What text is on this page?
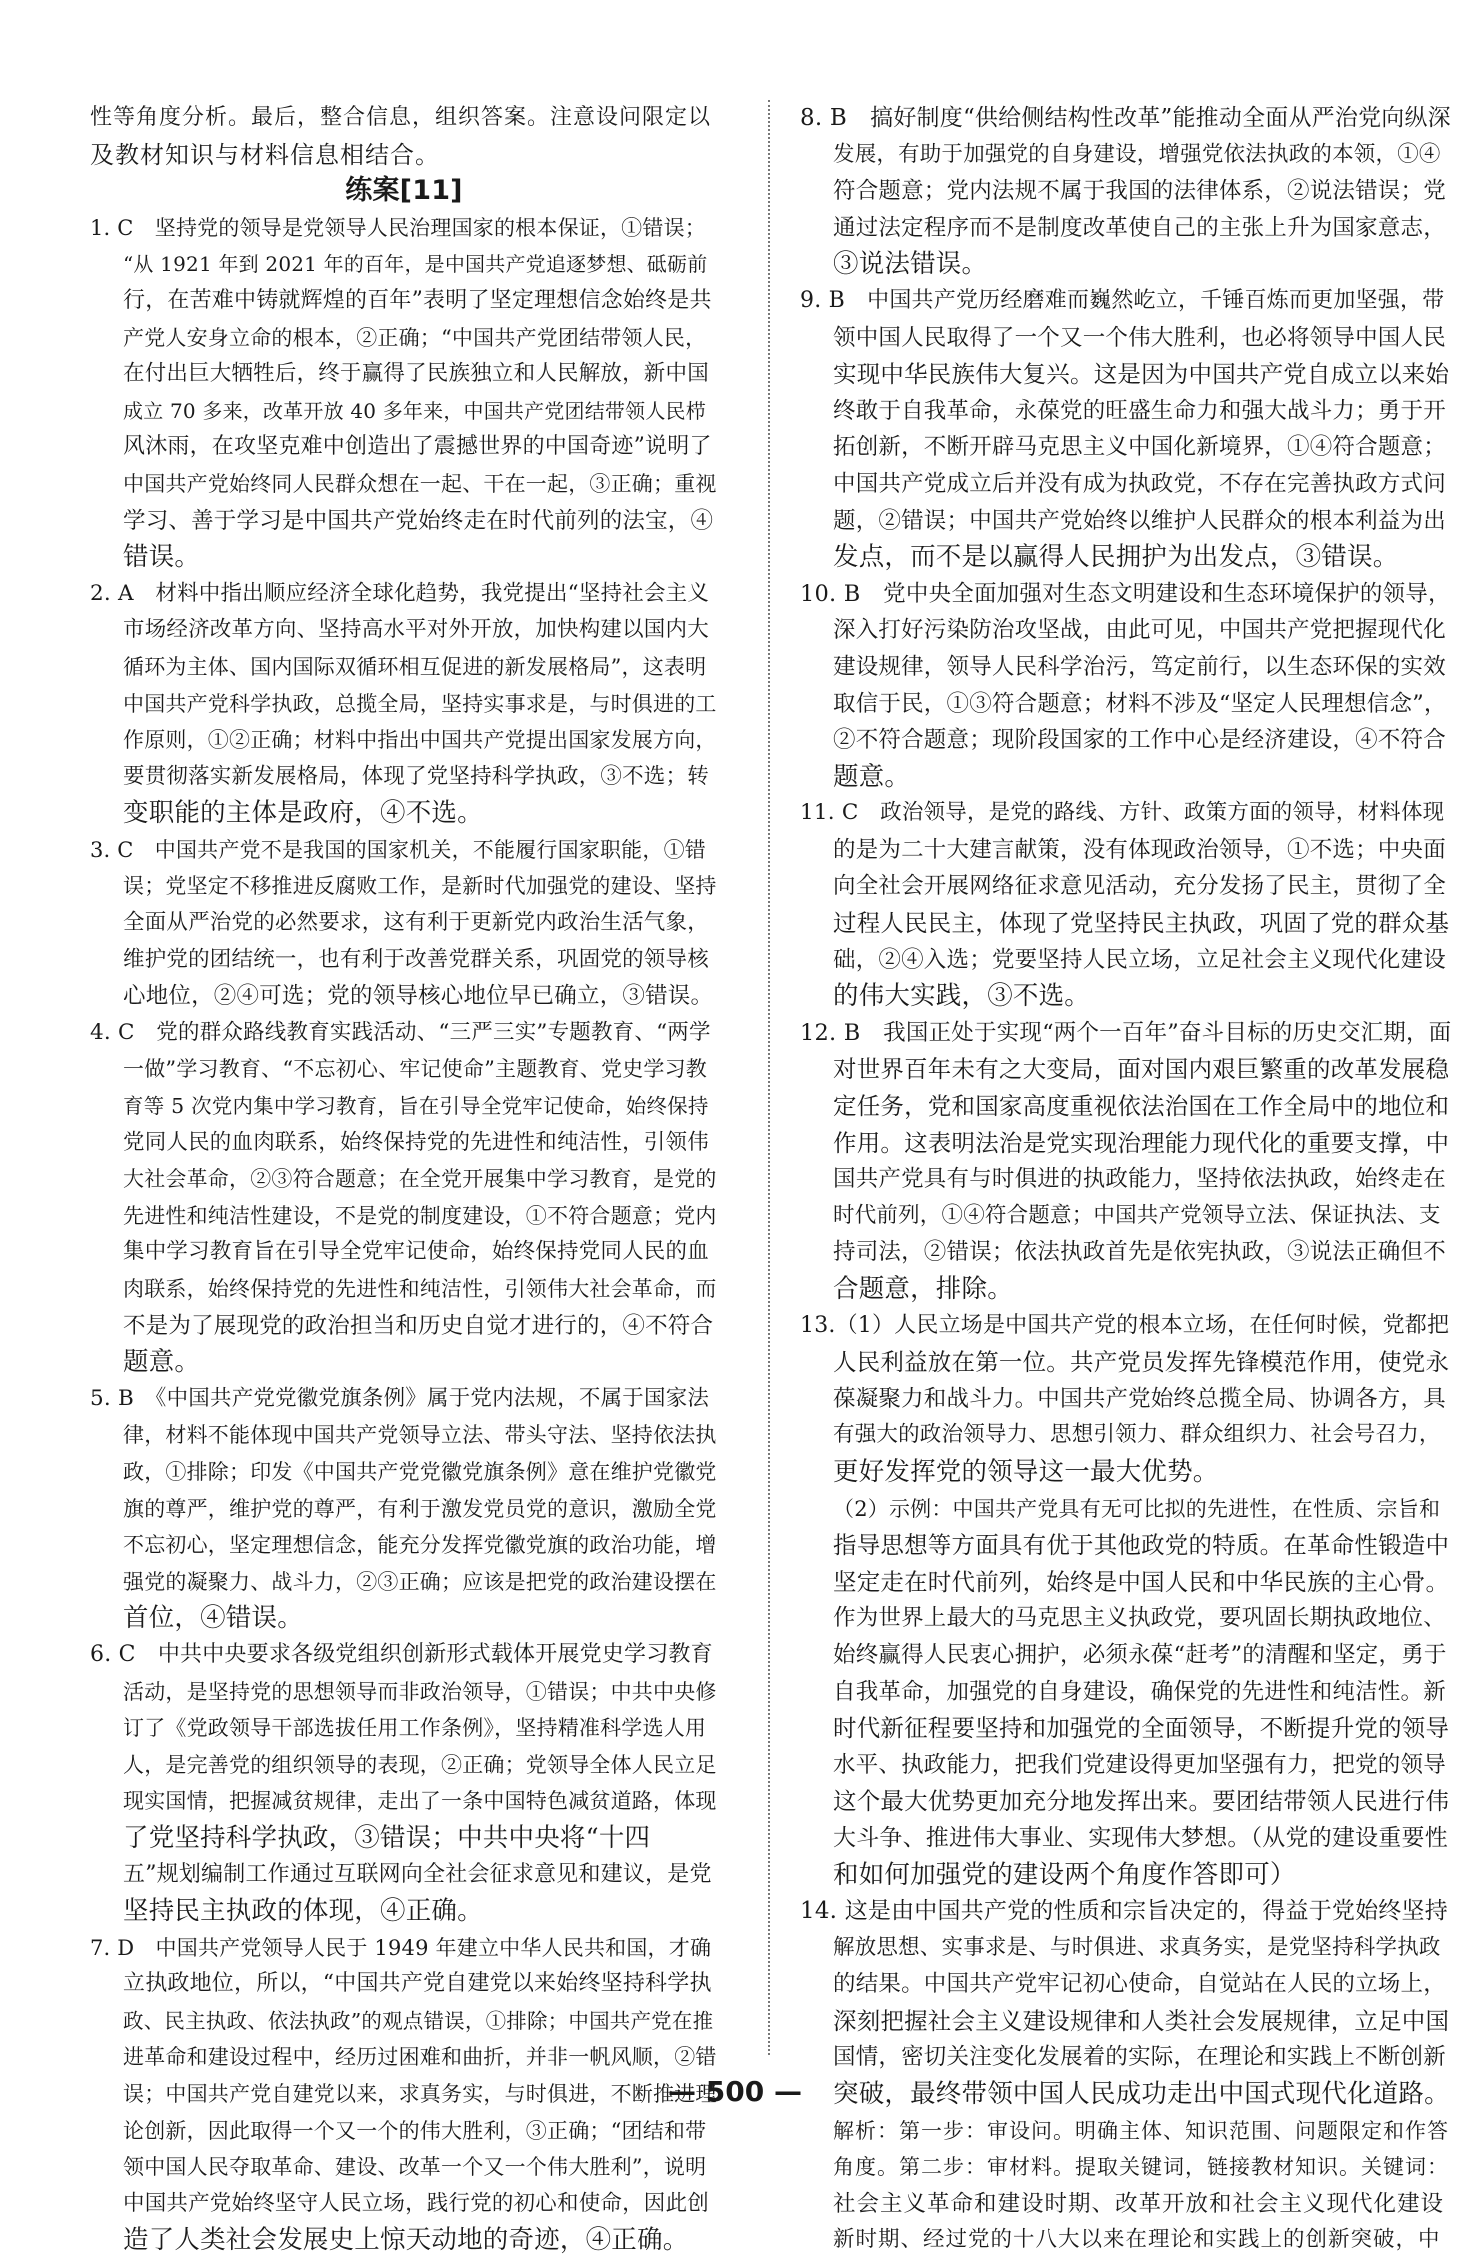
性等角度分析。最后，整合信息，组织答案。注意设问限定以
及教材知识与材料信息相结合。
练案[11]
1. C　坚持党的领导是党领导人民治理国家的根本保证，①错误；
“从 1921 年到 2021 年的百年，是中国共产党追逐梦想、砥砺前
行，在苦难中铸就辉煌的百年”表明了坚定理想信念始终是共
产党人安身立命的根本，②正确；“中国共产党团结带领人民，
在付出巨大牺牲后，终于赢得了民族独立和人民解放，新中国
成立 70 多来，改革开放 40 多年来，中国共产党团结带领人民栉
风沐雨，在攻坚克难中创造出了震撼世界的中国奇迹”说明了
中国共产党始终同人民群众想在一起、干在一起，③正确；重视
学习、善于学习是中国共产党始终走在时代前列的法宝，④
错误。
2. A　材料中指出顺应经济全球化趋势，我党提出“坚持社会主义
市场经济改革方向、坚持高水平对外开放，加快构建以国内大
循环为主体、国内国际双循环相互促进的新发展格局”，这表明
中国共产党科学执政，总揽全局，坚持实事求是，与时俱进的工
作原则，①②正确；材料中指出中国共产党提出国家发展方向，
要贯彻落实新发展格局，体现了党坚持科学执政，③不选；转
变职能的主体是政府，④不选。
3. C　中国共产党不是我国的国家机关，不能履行国家职能，①错
误；党坚定不移推进反腐败工作，是新时代加强党的建设、坚持
全面从严治党的必然要求，这有利于更新党内政治生活气象，
维护党的团结统一，也有利于改善党群关系，巩固党的领导核
心地位，②④可选；党的领导核心地位早已确立，③错误。
4. C　党的群众路线教育实践活动、“三严三实”专题教育、“两学
一做”学习教育、“不忘初心、牢记使命”主题教育、党史学习教
育等 5 次党内集中学习教育，旨在引导全党牢记使命，始终保持
党同人民的血肉联系，始终保持党的先进性和纯洁性，引领伟
大社会革命，②③符合题意；在全党开展集中学习教育，是党的
先进性和纯洁性建设，不是党的制度建设，①不符合题意；党内
集中学习教育旨在引导全党牢记使命，始终保持党同人民的血
肉联系，始终保持党的先进性和纯洁性，引领伟大社会革命，而
不是为了展现党的政治担当和历史自觉才进行的，④不符合
题意。
5. B　《中国共产党党徽党旗条例》属于党内法规，不属于国家法
律，材料不能体现中国共产党领导立法、带头守法、坚持依法执
政，①排除；印发《中国共产党党徽党旗条例》意在维护党徽党
旗的尊严，维护党的尊严，有利于激发党员党的意识，激励全党
不忘初心，坚定理想信念，能充分发挥党徽党旗的政治功能，增
强党的凝聚力、战斗力，②③正确；应该是把党的政治建设摆在
首位，④错误。
6. C　中共中央要求各级党组织创新形式载体开展党史学习教育
活动，是坚持党的思想领导而非政治领导，①错误；中共中央修
订了《党政领导干部选拔任用工作条例》，坚持精准科学选人用
人，是完善党的组织领导的表现，②正确；党领导全体人民立足
现实国情，把握减贫规律，走出了一条中国特色减贫道路，体现
了党坚持科学执政，③错误；中共中央将“十四
五”规划编制工作通过互联网向全社会征求意见和建议，是党
坚持民主执政的体现，④正确。
7. D　中国共产党领导人民于 1949 年建立中华人民共和国，才确
立执政地位，所以，“中国共产党自建党以来始终坚持科学执
政、民主执政、依法执政”的观点错误，①排除；中国共产党在推
进革命和建设过程中，经历过困难和曲折，并非一帆风顺，②错
误；中国共产党自建党以来，求真务实，与时俱进，不断推进理
论创新，因此取得一个又一个的伟大胜利，③正确；“团结和带
领中国人民夺取革命、建设、改革一个又一个伟大胜利”，说明
中国共产党始终坚守人民立场，践行党的初心和使命，因此创
造了人类社会发展史上惊天动地的奇迹，④正确。
8. B　搞好制度“供给侧结构性改革”能推动全面从严治党向纵深
发展，有助于加强党的自身建设，增强党依法执政的本领，①④
符合题意；党内法规不属于我国的法律体系，②说法错误；党
通过法定程序而不是制度改革使自己的主张上升为国家意志，
③说法错误。
9. B　中国共产党历经磨难而巍然屹立，千锤百炼而更加坚强，带
领中国人民取得了一个又一个伟大胜利，也必将领导中国人民
实现中华民族伟大复兴。这是因为中国共产党自成立以来始
终敢于自我革命，永葆党的旺盛生命力和强大战斗力；勇于开
拓创新，不断开辟马克思主义中国化新境界，①④符合题意；
中国共产党成立后并没有成为执政党，不存在完善执政方式问
题，②错误；中国共产党始终以维护人民群众的根本利益为出
发点，而不是以赢得人民拥护为出发点，③错误。
10. B　党中央全面加强对生态文明建设和生态环境保护的领导，
深入打好污染防治攻坚战，由此可见，中国共产党把握现代化
建设规律，领导人民科学治污，笃定前行，以生态环保的实效
取信于民，①③符合题意；材料不涉及“坚定人民理想信念”，
②不符合题意；现阶段国家的工作中心是经济建设，④不符合
题意。
11. C　政治领导，是党的路线、方针、政策方面的领导，材料体现
的是为二十大建言献策，没有体现政治领导，①不选；中央面
向全社会开展网络征求意见活动，充分发扬了民主，贯彻了全
过程人民民主，体现了党坚持民主执政，巩固了党的群众基
础，②④入选；党要坚持人民立场，立足社会主义现代化建设
的伟大实践，③不选。
12. B　我国正处于实现“两个一百年”奋斗目标的历史交汇期，面
对世界百年未有之大变局，面对国内艰巨繁重的改革发展稳
定任务，党和国家高度重视依法治国在工作全局中的地位和
作用。这表明法治是党实现治理能力现代化的重要支撑，中
国共产党具有与时俱进的执政能力，坚持依法执政，始终走在
时代前列，①④符合题意；中国共产党领导立法、保证执法、支
持司法，②错误；依法执政首先是依宪执政，③说法正确但不
合题意，排除。
13.（1）人民立场是中国共产党的根本立场，在任何时候，党都把
人民利益放在第一位。共产党员发挥先锋模范作用，使党永
葆凝聚力和战斗力。中国共产党始终总揽全局、协调各方，具
有强大的政治领导力、思想引领力、群众组织力、社会号召力，
更好发挥党的领导这一最大优势。
（2）示例：中国共产党具有无可比拟的先进性，在性质、宗旨和
指导思想等方面具有优于其他政党的特质。在革命性锻造中
坚定走在时代前列，始终是中国人民和中华民族的主心骨。
作为世界上最大的马克思主义执政党，要巩固长期执政地位、
始终赢得人民衷心拥护，必须永葆“赶考”的清醒和坚定，勇于
自我革命，加强党的自身建设，确保党的先进性和纯洁性。新
时代新征程要坚持和加强党的全面领导，不断提升党的领导
水平、执政能力，把我们党建设得更加坚强有力，把党的领导
这个最大优势更加充分地发挥出来。要团结带领人民进行伟
大斗争、推进伟大事业、实现伟大梦想。（从党的建设重要性
和如何加强党的建设两个角度作答即可）
14. 这是由中国共产党的性质和宗旨决定的，得益于党始终坚持
解放思想、实事求是、与时俱进、求真务实，是党坚持科学执政
的结果。中国共产党牢记初心使命，自觉站在人民的立场上，
深刻把握社会主义建设规律和人类社会发展规律，立足中国
国情，密切关注变化发展着的实际，在理论和实践上不断创新
突破，最终带领中国人民成功走出中国式现代化道路。
解析：第一步：审设问。明确主体、知识范围、问题限定和作答
角度。第二步：审材料。提取关键词，链接教材知识。关键词：
社会主义革命和建设时期、改革开放和社会主义现代化建设
新时期、经过党的十八大以来在理论和实践上的创新突破，中
— 500 —
